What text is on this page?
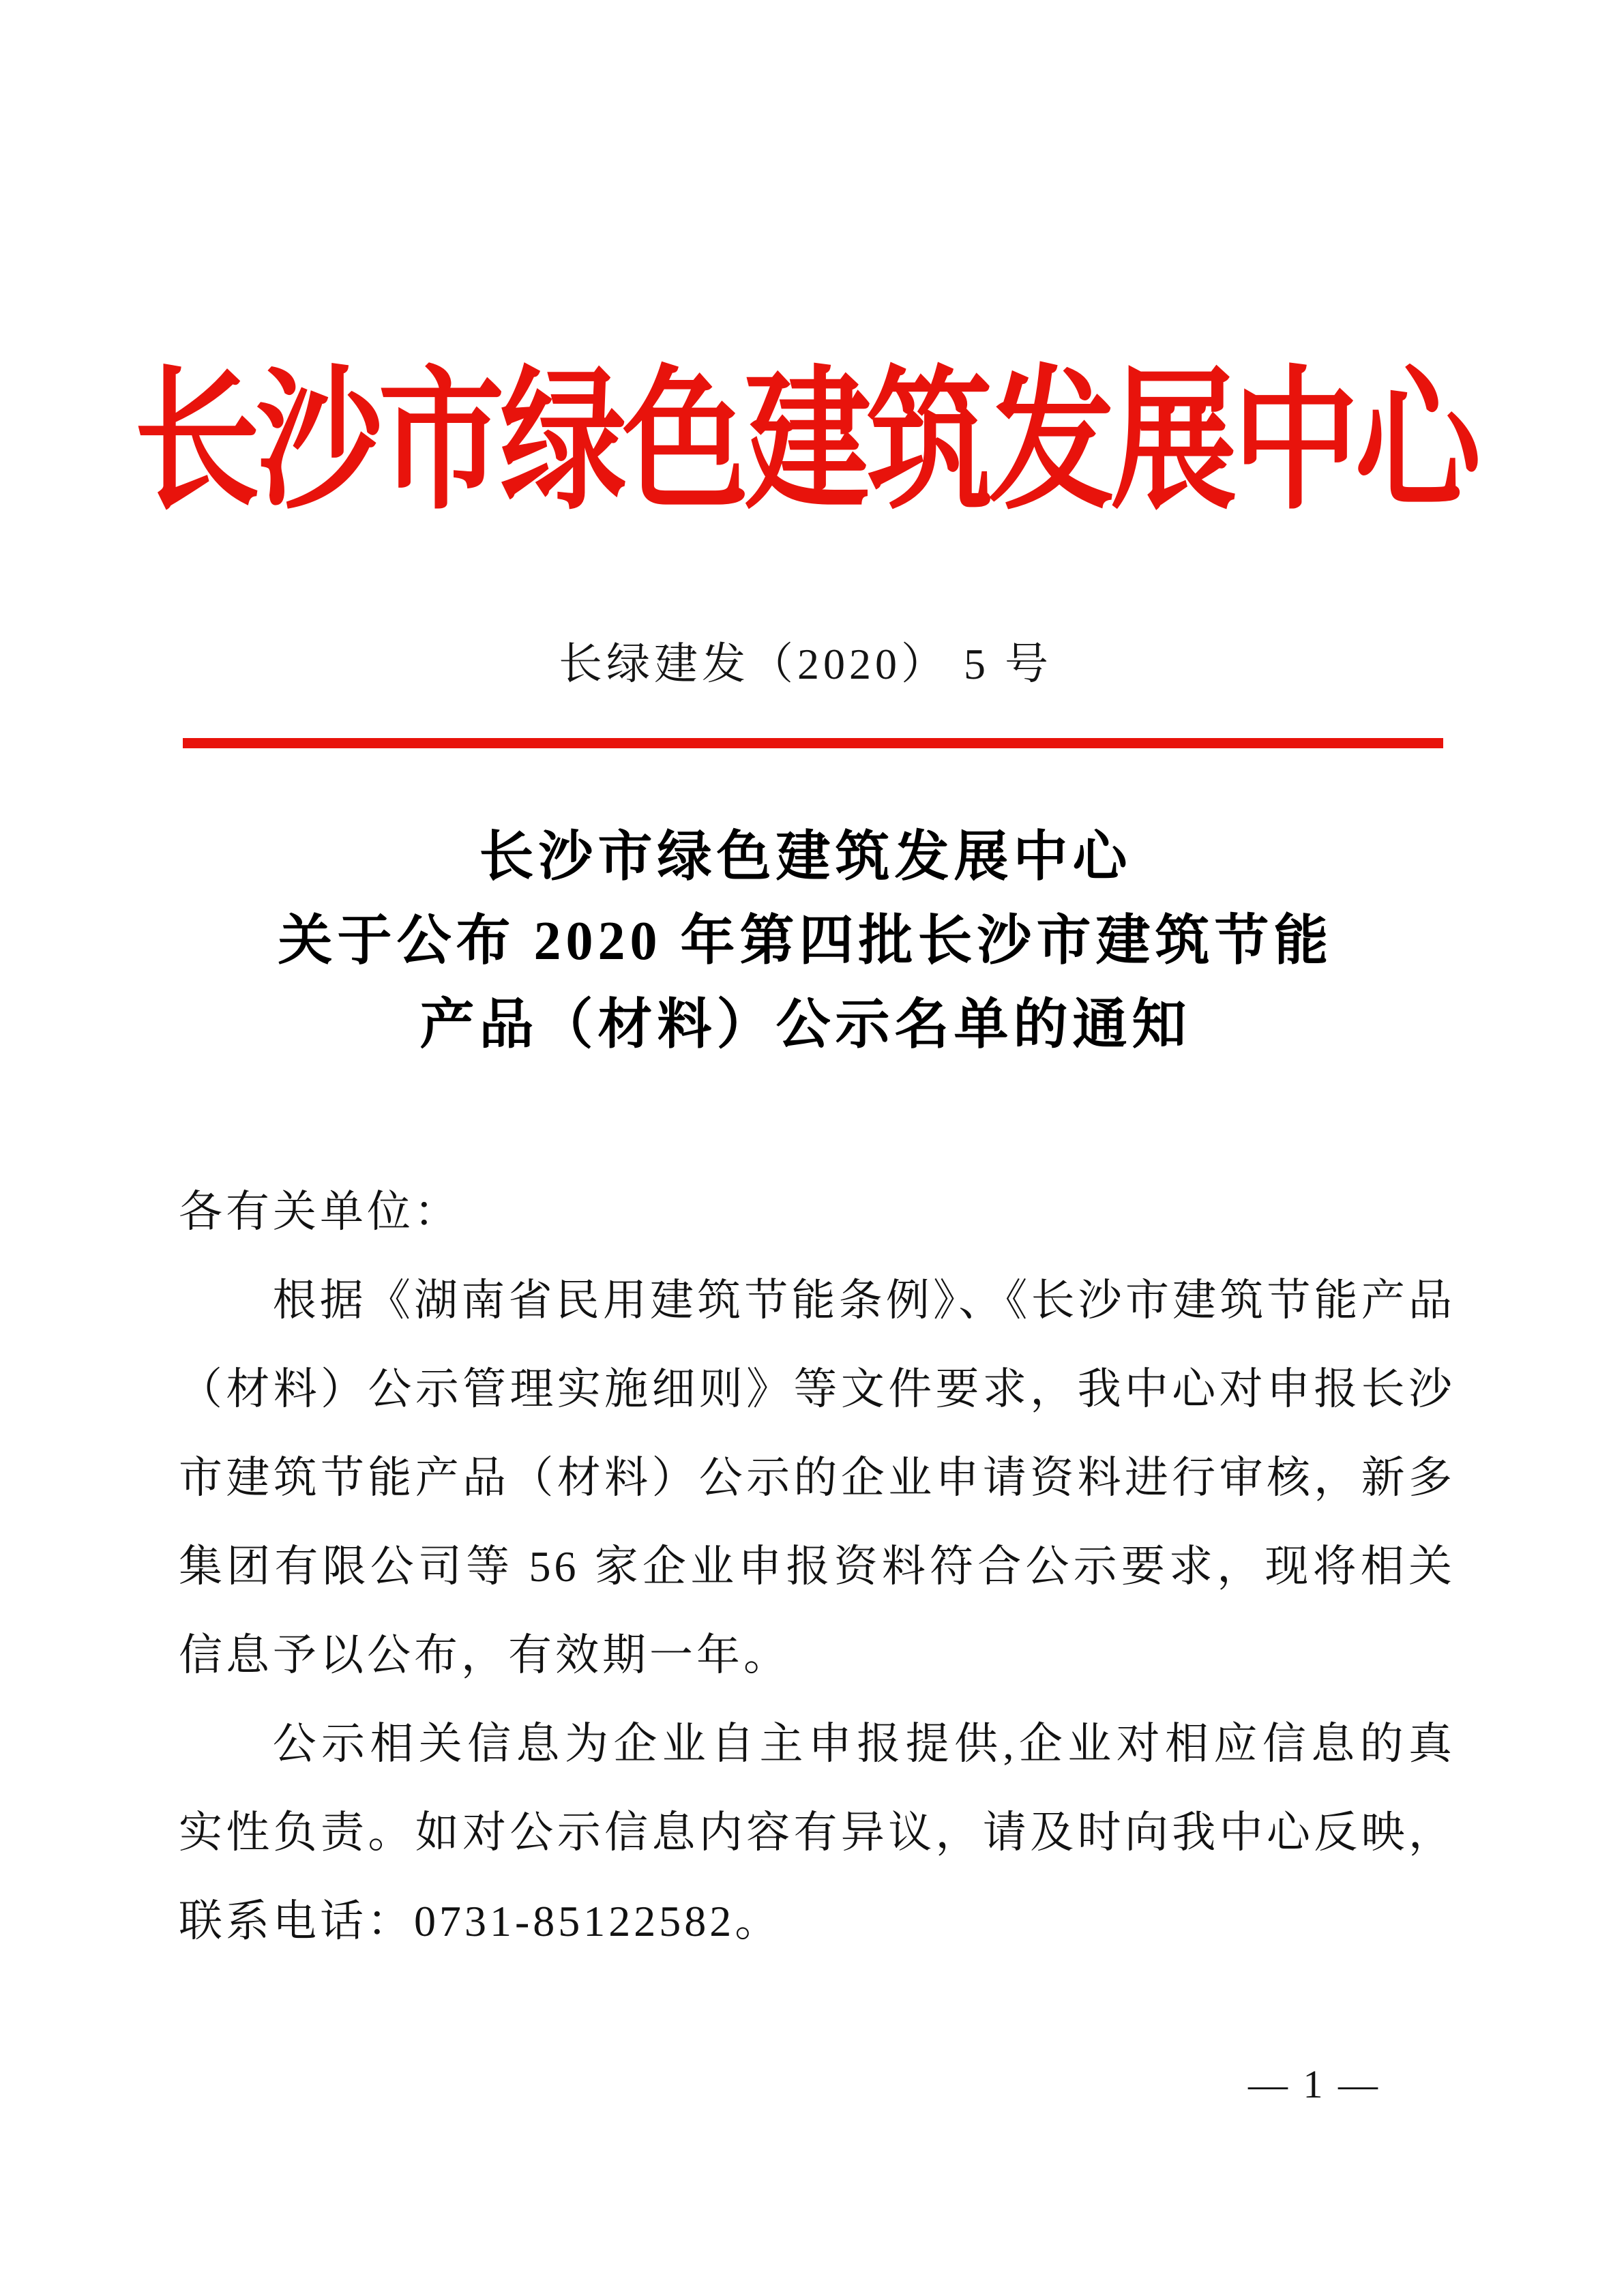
长沙市绿色建筑发展中心
长绿建发（2020） 5 号
长沙市绿色建筑发展中心
关于公布 2020 年第四批长沙市建筑节能
产品（材料）公示名单的通知

各有关单位：

根据《湖南省民用建筑节能条例》、《长沙市建筑节能产品（材料）公示管理实施细则》等文件要求，我中心对申报长沙市建筑节能产品（材料）公示的企业申请资料进行审核，新多集团有限公司等 56 家企业申报资料符合公示要求，现将相关信息予以公布，有效期一年。

公示相关信息为企业自主申报提供,企业对相应信息的真实性负责。如对公示信息内容有异议，请及时向我中心反映，联系电话：0731-85122582。

— 1 —
